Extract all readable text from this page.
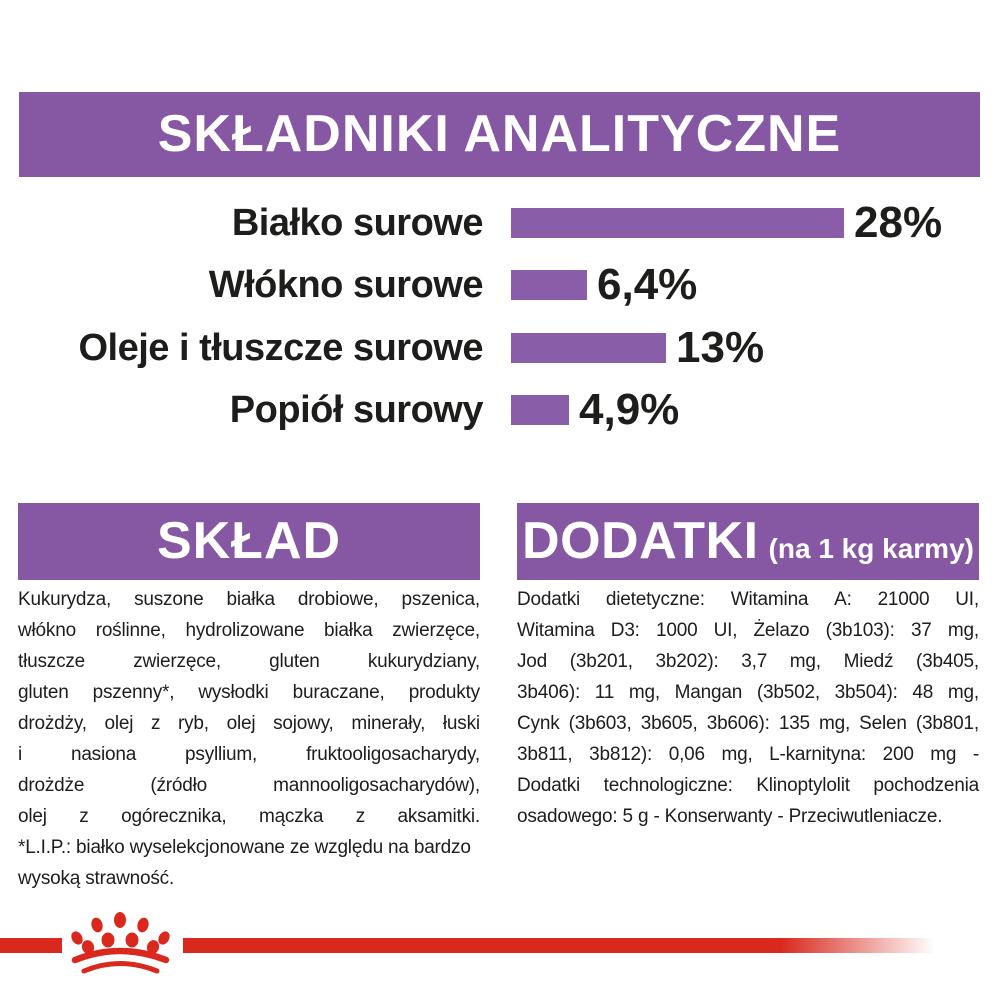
SKŁADNIKI ANALITYCZNE
Białko surowe	28%
Włókno surowe	6,4%
Oleje i tłuszcze surowe	13%
Popiół surowy 4,9%
SKŁAD	DODATKI (na 1 kg karmy)
Kukurydza, suszone białka drobiowe, pszenica,
włókno roślinne, hydrolizowane białka zwierzęce,
tłuszcze	zwierzęce,	gluten	kukurydziany,
gluten pszenny*, wysłodki buraczane, produkty
drożdży, olej z ryb, olej sojowy, minerały, łuski
i	nasiona	psyllium,	fruktooligosacharydy,
drożdże	(źródło	mannooligosacharydów),
olej z ogórecznika, mączka z aksamitki.
*L.I.P.: białko wyselekcjonowane ze względu na bardzo
wysoką strawność.
Dodatki dietetyczne: Witamina A: 21000 UI,
Witamina D3: 1000 UI, Żelazo (3b103): 37 mg,
Jod (3b201, 3b202): 3,7 mg, Miedź (3b405,
3b406): 11 mg, Mangan (3b502, 3b504): 48 mg,
Cynk (3b603, 3b605, 3b606): 135 mg, Selen (3b801,
3b811, 3b812): 0,06 mg, L-karnityna: 200 mg -
Dodatki technologiczne: Klinoptylolit pochodzenia
osadowego: 5 g - Konserwanty - Przeciwutleniacze.
